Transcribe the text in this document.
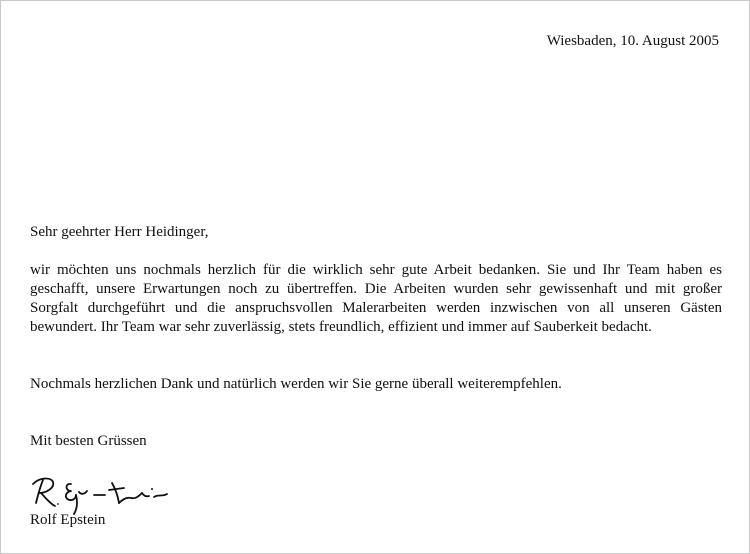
Wiesbaden, 10. August 2005
Sehr geehrter Herr Heidinger,
wir möchten uns nochmals herzlich für die wirklich sehr gute Arbeit bedanken. Sie und Ihr Team haben es geschafft, unsere Erwartungen noch zu übertreffen. Die Arbeiten wurden sehr gewissenhaft und mit großer Sorgfalt durchgeführt und die anspruchsvollen Malerarbeiten werden inzwischen von all unseren Gästen bewundert. Ihr Team war sehr zuverlässig, stets freundlich, effizient und immer auf Sauberkeit bedacht.
Nochmals herzlichen Dank und natürlich werden wir Sie gerne überall weiterempfehlen.
Mit besten Grüssen
Rolf Epstein
